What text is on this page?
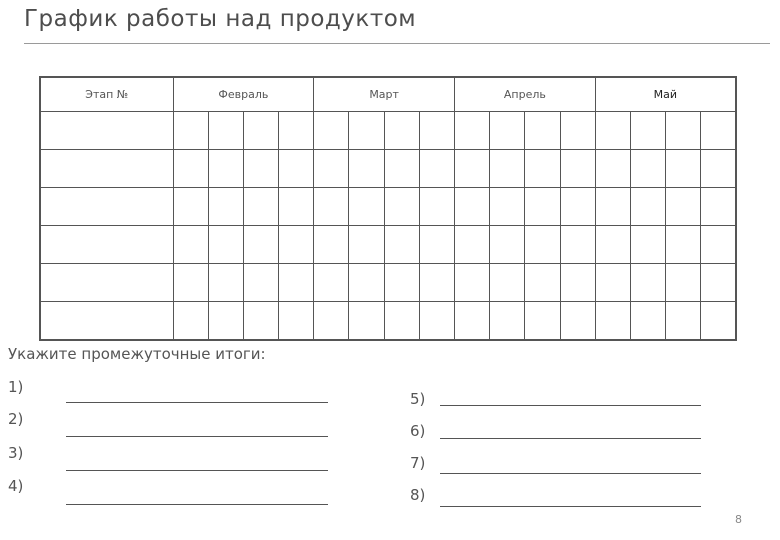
График работы над продуктом
Этап №	Февраль				Март				Апрель				Май			

Укажите промежуточные итоги:
1)
2)
3)
4)
5)
6)
7)
8)
8
